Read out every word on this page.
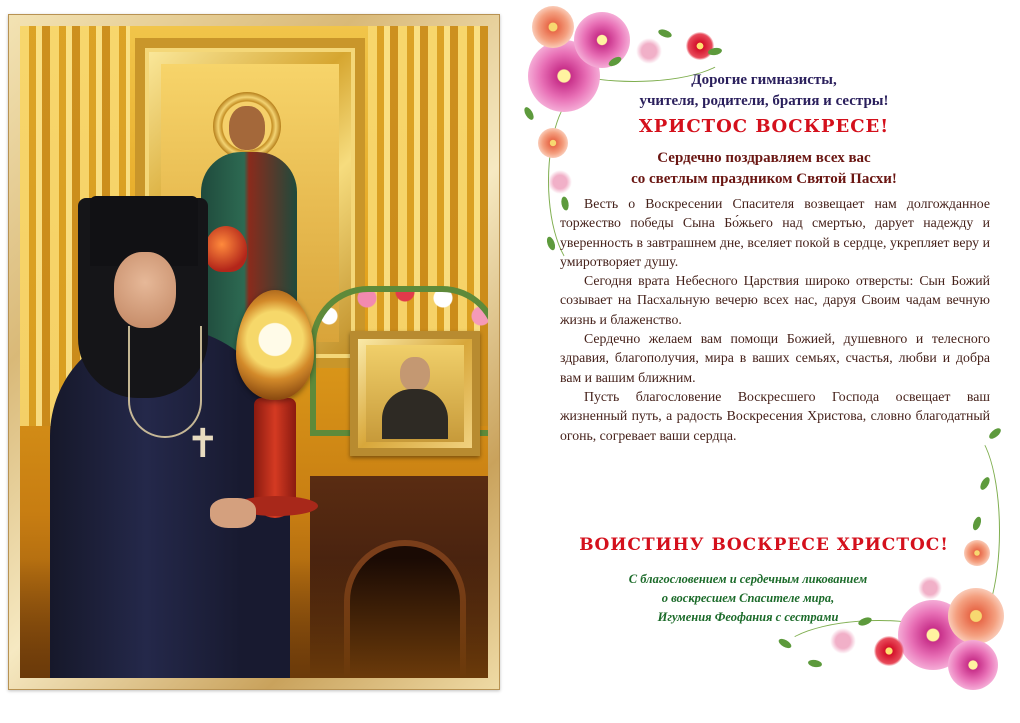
✝
Дорогие гимназисты,
учителя, родители, братия и сестры!
ХРИСТОС ВОСКРЕСЕ!
Сердечно поздравляем всех вас
со светлым праздником Святой Пасхи!

Весть о Воскресении Спасителя возвещает нам долгожданное торжество победы Сына Бо́жьего над смертью, дарует надежду и уверенность в завтрашнем дне, вселяет покой в сердце, укрепляет веру и умиротворяет душу.

Сегодня врата Небесного Царствия широко отверсты: Сын Божий созывает на Пасхальную вечерю всех нас, даруя Своим чадам вечную жизнь и блаженство.

Сердечно желаем вам помощи Божией, душевного и телесного здравия, благополучия, мира в ваших семьях, счастья, любви и добра вам и вашим ближним.

Пусть благословение Воскресшего Господа освещает ваш жизненный путь, а радость Воскресения Христова, словно благодатный огонь, согревает ваши сердца.

ВОИСТИНУ ВОСКРЕСЕ ХРИСТОС!
С благословением и сердечным ликованием
о воскресшем Спасителе мира,
Игумения Феофания с сестрами
